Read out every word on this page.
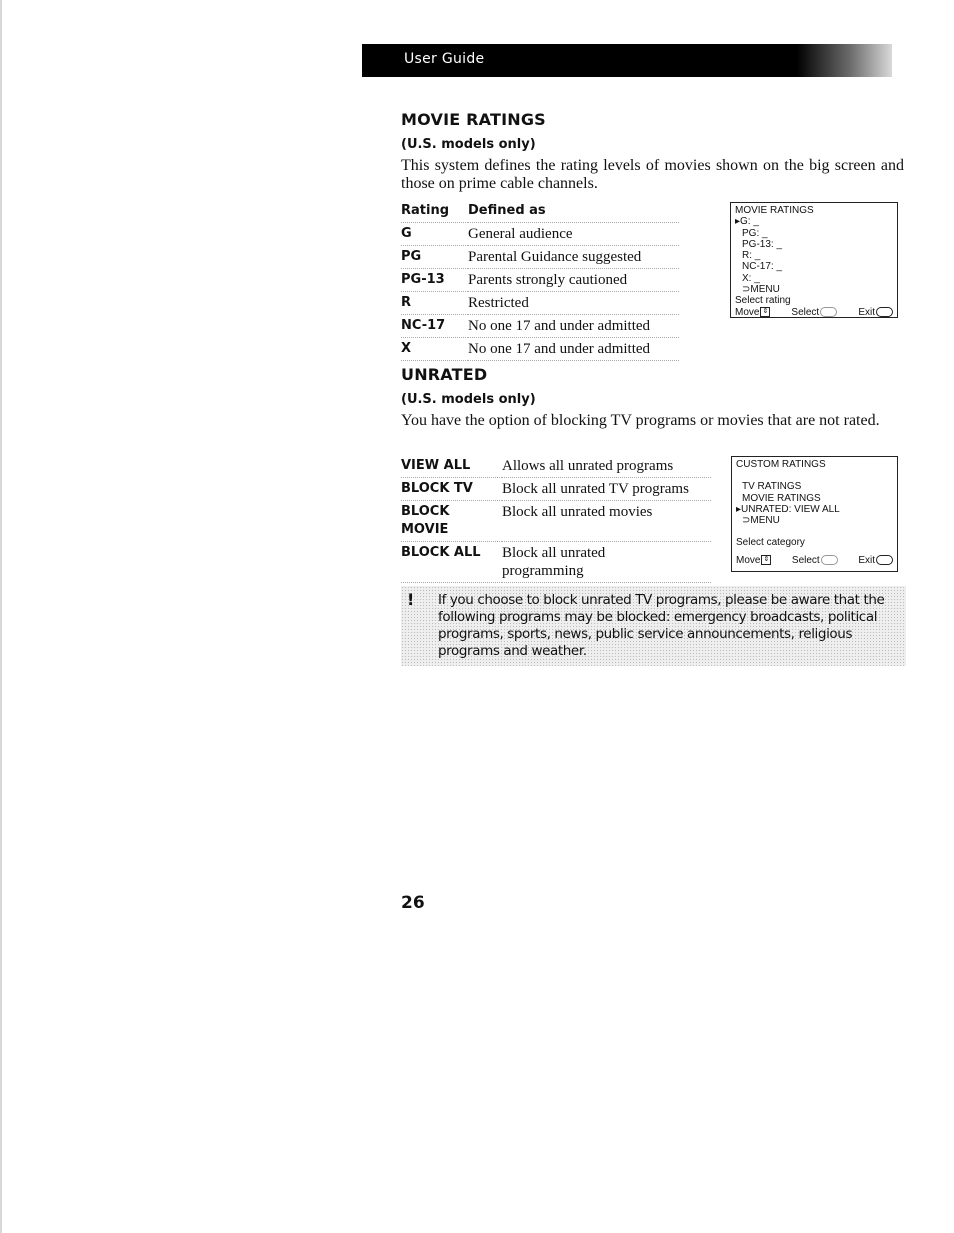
User Guide
MOVIE RATINGS
(U.S. models only)

This system defines the rating levels of movies shown on the big screen and those on prime cable channels.

Rating	Defined as
G	General audience
PG	Parental Guidance suggested
PG-13	Parents strongly cautioned
R	Restricted
NC-17	No one 17 and under admitted
X	No one 17 and under admitted
MOVIE RATINGS
▸G: _
PG: _
PG-13: _
R: _
NC-17: _
X: _
⊃MENU
Select rating
Move ⇕ Select	Exit
UNRATED
(U.S. models only)

You have the option of blocking TV programs or movies that are not rated.

VIEW ALL	Allows all unrated programs
BLOCK TV	Block all unrated TV programs
BLOCK MOVIE	Block all unrated movies
BLOCK ALL	Block all unrated programming
CUSTOM RATINGS
TV RATINGS
MOVIE RATINGS
▸UNRATED: VIEW ALL
⊃MENU
Select category
Move ⇕ Select	Exit
! If you choose to block unrated TV programs, please be aware that the following programs may be blocked: emergency broadcasts, political programs, sports, news, public service announcements, religious programs and weather.
26
